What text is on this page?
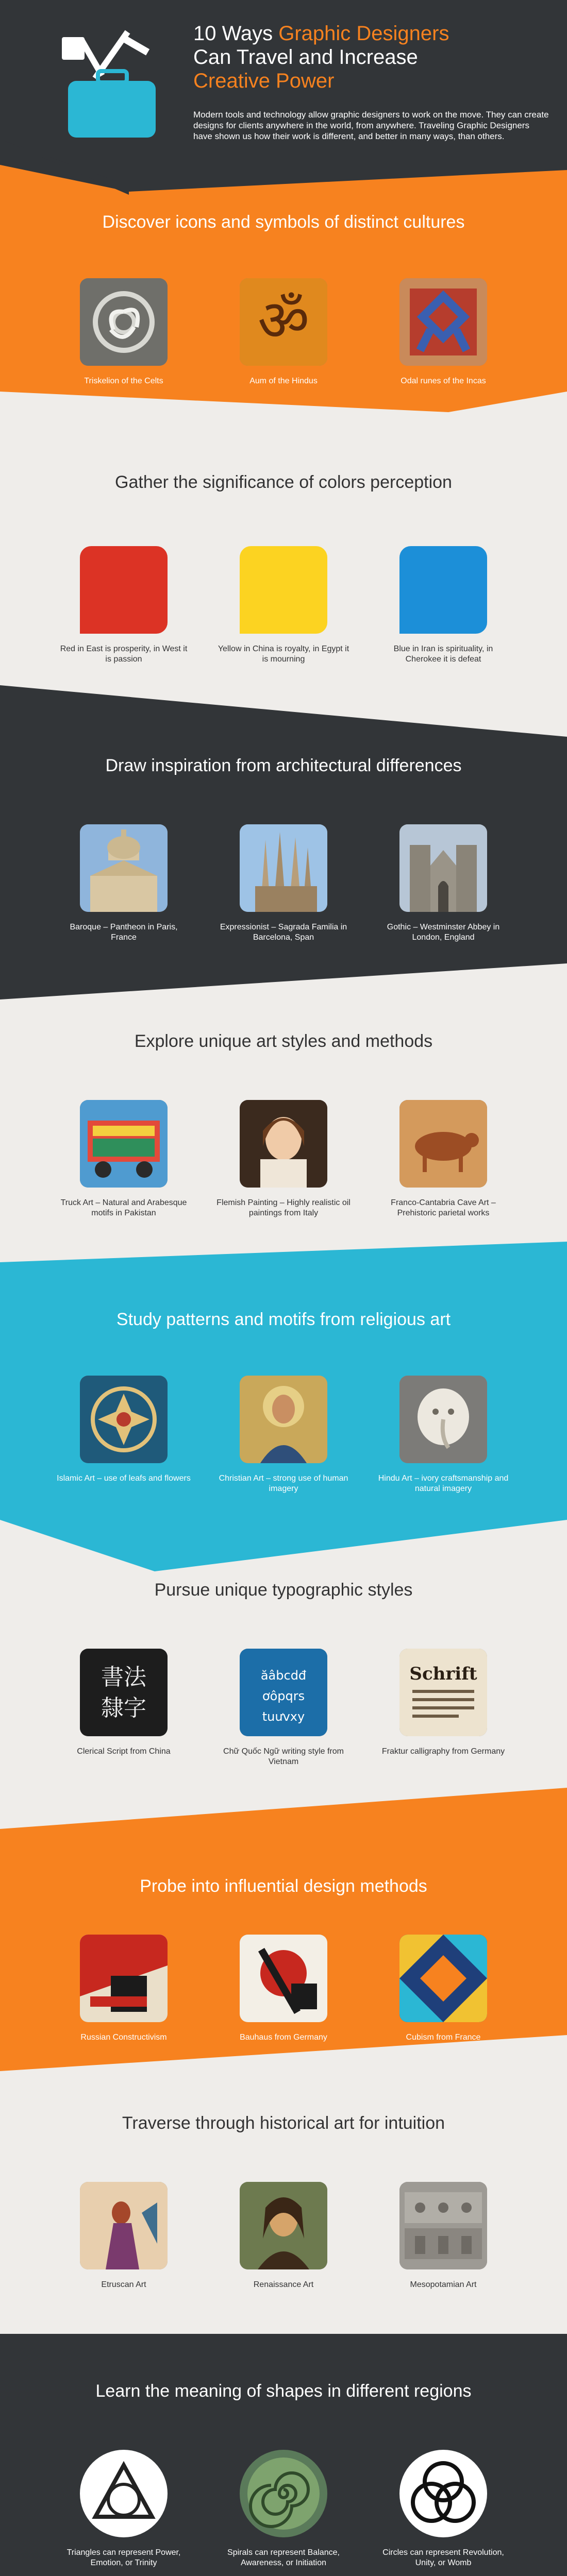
10 Ways Graphic Designers
Can Travel and Increase
Creative Power
Modern tools and technology allow graphic designers to work on the move. They can create designs for clients anywhere in the world, from anywhere. Traveling Graphic Designers have shown us how their work is different, and better in many ways, than others.
Discover icons and symbols of distinct cultures
Triskelion of the Celts
ॐ
Aum of the Hindus	Odal runes of the Incas
Gather the significance of colors perception
Red in East is prosperity, in West it is passion
Yellow in China is royalty, in Egypt it is mourning
Blue in Iran is spirituality, in Cherokee it is defeat
Draw inspiration from architectural differences
Baroque – Pantheon in Paris, France
Expressionist – Sagrada Familia in Barcelona, Span
Gothic – Westminster Abbey in London, England
Explore unique art styles and methods
Truck Art – Natural and Arabesque motifs in Pakistan
Flemish Painting – Highly realistic oil paintings from Italy
Franco-Cantabria Cave Art – Prehistoric parietal works
Study patterns and motifs from religious art
Islamic Art – use of leafs and flowers	Christian Art – strong use of human imagery
Hindu Art – ivory craftsmanship and natural imagery
Pursue unique typographic styles
書法
隸字
Clerical Script from China
ăâbcdđ
ơôpqrs
tuưvxy
Chữ Quốc Ngữ writing style from Vietnam
Schrift
Fraktur calligraphy from Germany
Probe into influential design methods
Russian Constructivism	Bauhaus from Germany	Cubism from France
Traverse through historical art for intuition
Etruscan Art	Renaissance Art	Mesopotamian Art
Learn the meaning of shapes in different regions
Triangles can represent Power, Emotion, or Trinity
Spirals can represent Balance, Awareness, or Initiation
Circles can represent Revolution, Unity, or Womb
